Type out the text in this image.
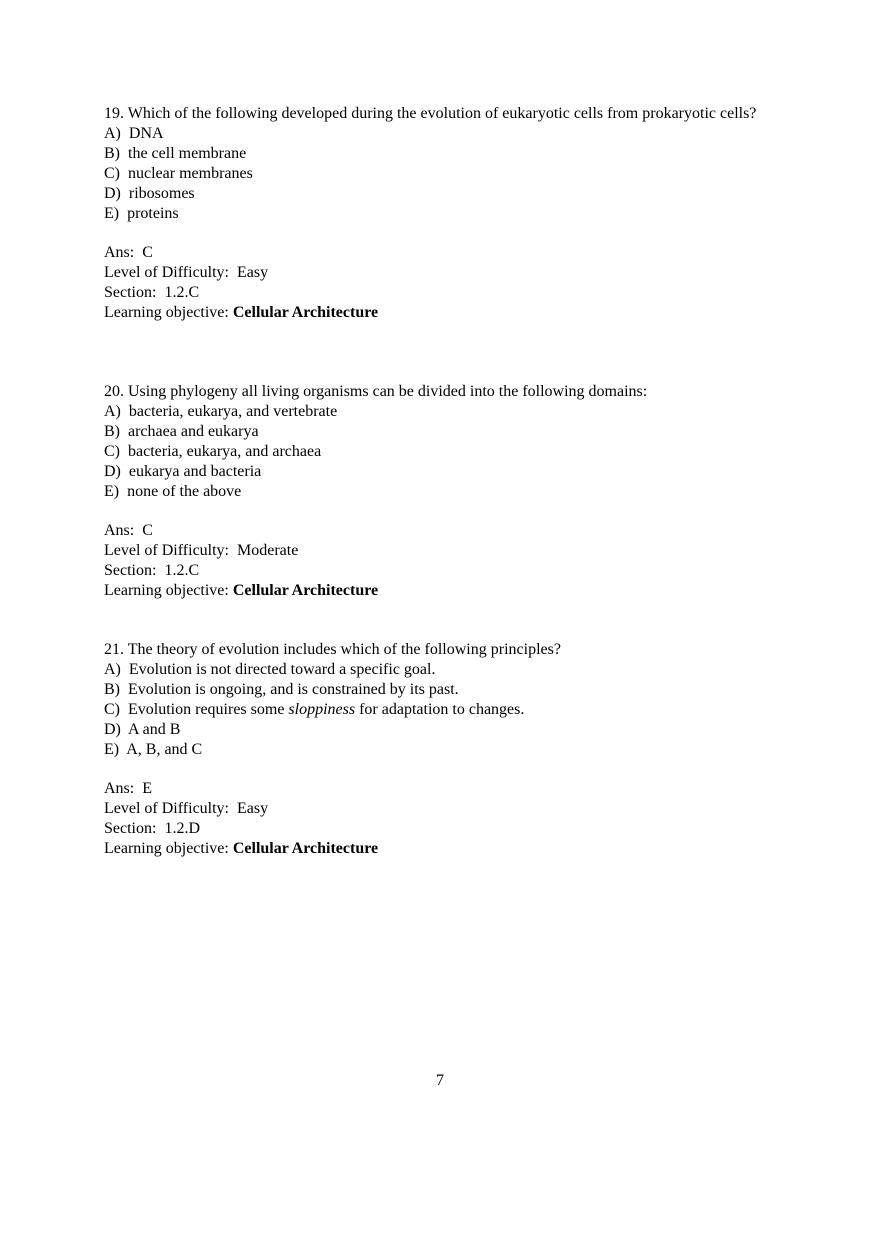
19. Which of the following developed during the evolution of eukaryotic cells from prokaryotic cells?
A)  DNA
B)  the cell membrane
C)  nuclear membranes
D)  ribosomes
E)  proteins
Ans:  C
Level of Difficulty:  Easy
Section:  1.2.C
Learning objective: Cellular Architecture
20. Using phylogeny all living organisms can be divided into the following domains:
A)  bacteria, eukarya, and vertebrate
B)  archaea and eukarya
C)  bacteria, eukarya, and archaea
D)  eukarya and bacteria
E)  none of the above
Ans:  C
Level of Difficulty:  Moderate
Section:  1.2.C
Learning objective: Cellular Architecture
21. The theory of evolution includes which of the following principles?
A)  Evolution is not directed toward a specific goal.
B)  Evolution is ongoing, and is constrained by its past.
C)  Evolution requires some sloppiness for adaptation to changes.
D)  A and B
E)  A, B, and C
Ans:  E
Level of Difficulty:  Easy
Section:  1.2.D
Learning objective: Cellular Architecture
7
